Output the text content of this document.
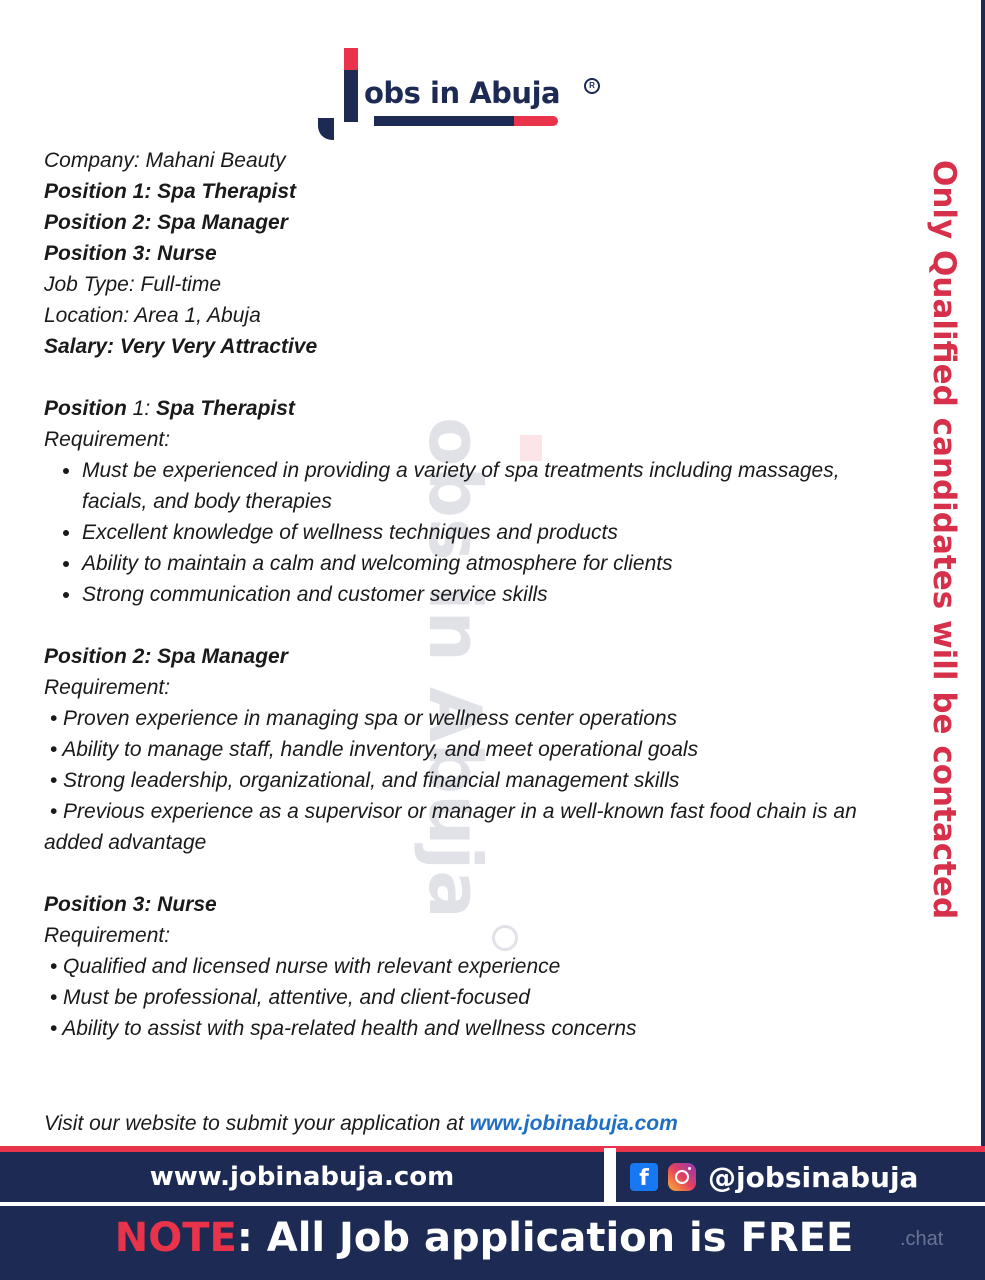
obs in Abuja	R
obs in Abuja

Company: Mahani Beauty

Position 1: Spa Therapist

Position 2: Spa Manager

Position 3: Nurse

Job Type: Full-time

Location: Area 1, Abuja

Salary: Very Very Attractive

Position 1: Spa Therapist

Requirement:

• Must be experienced in providing a variety of spa treatments including massages, facials, and body therapies
• Excellent knowledge of wellness techniques and products
• Ability to maintain a calm and welcoming atmosphere for clients
• Strong communication and customer service skills

Position 2: Spa Manager

Requirement:

• Proven experience in managing spa or wellness center operations

• Ability to manage staff, handle inventory, and meet operational goals

• Strong leadership, organizational, and financial management skills

• Previous experience as a supervisor or manager in a well-known fast food chain is an added advantage

Position 3: Nurse

Requirement:

• Qualified and licensed nurse with relevant experience

• Must be professional, attentive, and client-focused

• Ability to assist with spa-related health and wellness concerns

Visit our website to submit your application at www.jobinabuja.com
Only Qualified candidates will be contacted
www.jobinabuja.com	f	@jobsinabuja
NOTE: All Job application is FREE	.chat
